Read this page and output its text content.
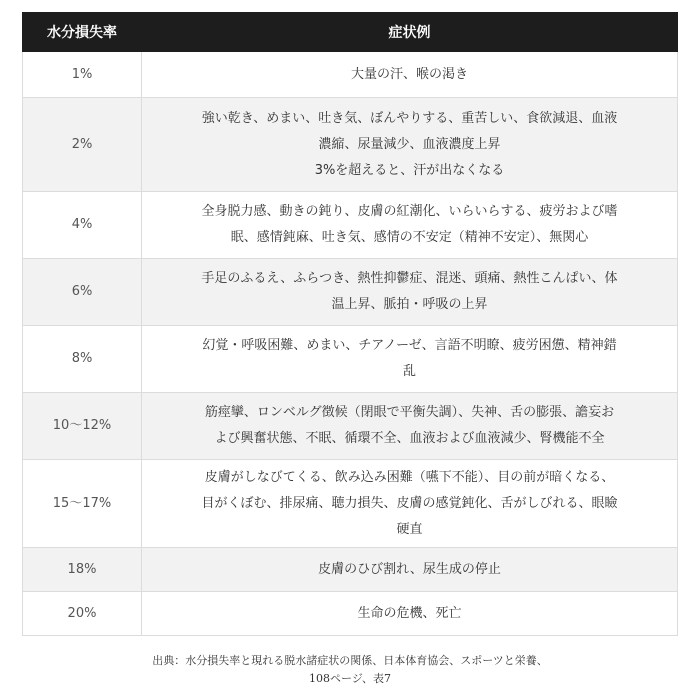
水分損失率	症状例
1%	大量の汗、喉の渇き

2%	強い乾き、めまい、吐き気、ぼんやりする、重苦しい、食欲減退、血液
濃縮、尿量減少、血液濃度上昇
3%を超えると、汗が出なくなる

4%	全身脱力感、動きの鈍り、皮膚の紅潮化、いらいらする、疲労および嗜
眠、感情鈍麻、吐き気、感情の不安定（精神不安定）、無関心

6%	手足のふるえ、ふらつき、熱性抑鬱症、混迷、頭痛、熱性こんぱい、体
温上昇、脈拍・呼吸の上昇

8%	幻覚・呼吸困難、めまい、チアノーゼ、言語不明瞭、疲労困憊、精神錯
乱

10〜12%	筋痙攣、ロンベルグ徴候（閉眼で平衡失調）、失神、舌の膨張、譫妄お
よび興奮状態、不眠、循環不全、血液および血液減少、腎機能不全

15〜17%	皮膚がしなびてくる、飲み込み困難（嚥下不能）、目の前が暗くなる、
目がくぼむ、排尿痛、聴力損失、皮膚の感覚鈍化、舌がしびれる、眼瞼
硬直

18%	皮膚のひび割れ、尿生成の停止

20%	生命の危機、死亡
出典：水分損失率と現れる脱水諸症状の関係、日本体育協会、スポーツと栄養、
108ページ、表7
